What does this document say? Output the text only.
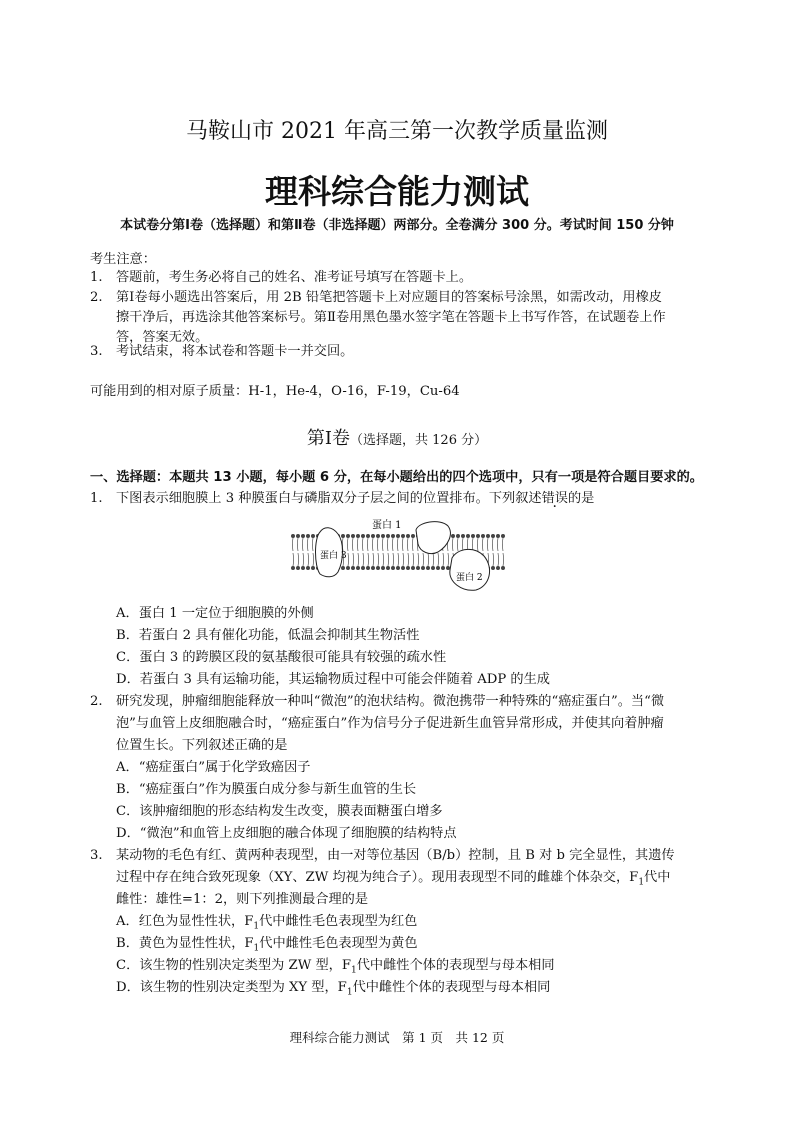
马鞍山市 2021 年高三第一次教学质量监测
理科综合能力测试
本试卷分第Ⅰ卷（选择题）和第Ⅱ卷（非选择题）两部分。全卷满分 300 分。考试时间 150 分钟
考生注意：
1. 答题前，考生务必将自己的姓名、准考证号填写在答题卡上。
2. 第Ⅰ卷每小题选出答案后，用 2B 铅笔把答题卡上对应题目的答案标号涂黑，如需改动，用橡皮
擦干净后，再选涂其他答案标号。第Ⅱ卷用黑色墨水签字笔在答题卡上书写作答，在试题卷上作
答，答案无效。
3. 考试结束，将本试卷和答题卡一并交回。
可能用到的相对原子质量：H-1，He-4，O-16，F-19，Cu-64
第Ⅰ卷（选择题，共 126 分）
一、选择题：本题共 13 小题，每小题 6 分，在每小题给出的四个选项中，只有一项是符合题目要求的。
1. 下图表示细胞膜上 3 种膜蛋白与磷脂双分子层之间的位置排布。下列叙述错误的是
蛋白 1
蛋白 3
蛋白 2
A．蛋白 1 一定位于细胞膜的外侧
B．若蛋白 2 具有催化功能，低温会抑制其生物活性
C．蛋白 3 的跨膜区段的氨基酸很可能具有较强的疏水性
D．若蛋白 3 具有运输功能，其运输物质过程中可能会伴随着 ADP 的生成
2. 研究发现，肿瘤细胞能释放一种叫“微泡”的泡状结构。微泡携带一种特殊的“癌症蛋白”。当“微
泡”与血管上皮细胞融合时，“癌症蛋白”作为信号分子促进新生血管异常形成，并使其向着肿瘤
位置生长。下列叙述正确的是
A．“癌症蛋白”属于化学致癌因子
B．“癌症蛋白”作为膜蛋白成分参与新生血管的生长
C．该肿瘤细胞的形态结构发生改变，膜表面糖蛋白增多
D．“微泡”和血管上皮细胞的融合体现了细胞膜的结构特点
3. 某动物的毛色有红、黄两种表现型，由一对等位基因（B/b）控制，且 B 对 b 完全显性，其遗传
过程中存在纯合致死现象（XY、ZW 均视为纯合子）。现用表现型不同的雌雄个体杂交，$F_1$代中
雌性：雄性=1：2，则下列推测最合理的是
A．红色为显性性状，$F_1$代中雌性毛色表现型为红色
B．黄色为显性性状，$F_1$代中雌性毛色表现型为黄色
C．该生物的性别决定类型为 ZW 型，$F_1$代中雌性个体的表现型与母本相同
D．该生物的性别决定类型为 XY 型，$F_1$代中雌性个体的表现型与母本相同
理科综合能力测试　第 1 页　共 12 页
